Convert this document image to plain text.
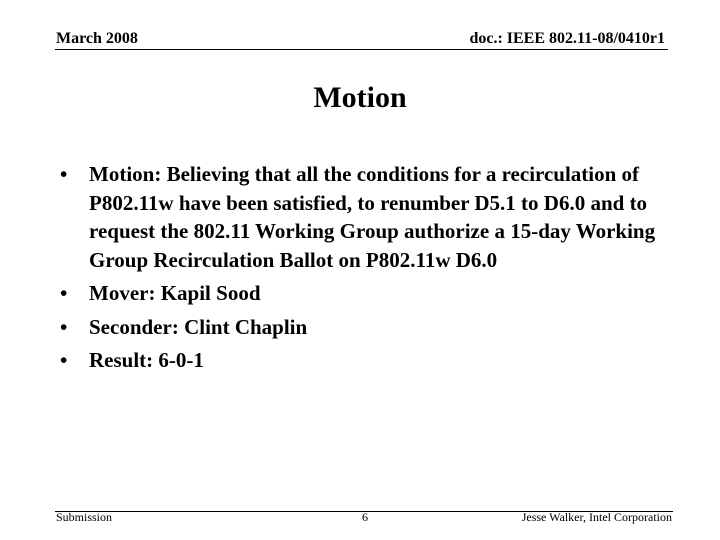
March 2008	doc.: IEEE 802.11-08/0410r1
Motion
• Motion: Believing that all the conditions for a recirculation of P802.11w have been satisfied, to renumber D5.1 to D6.0 and to request the 802.11 Working Group authorize a 15-day Working Group Recirculation Ballot on P802.11w D6.0
• Mover: Kapil Sood
• Seconder: Clint Chaplin
• Result: 6-0-1
Submission	6	Jesse Walker, Intel Corporation
